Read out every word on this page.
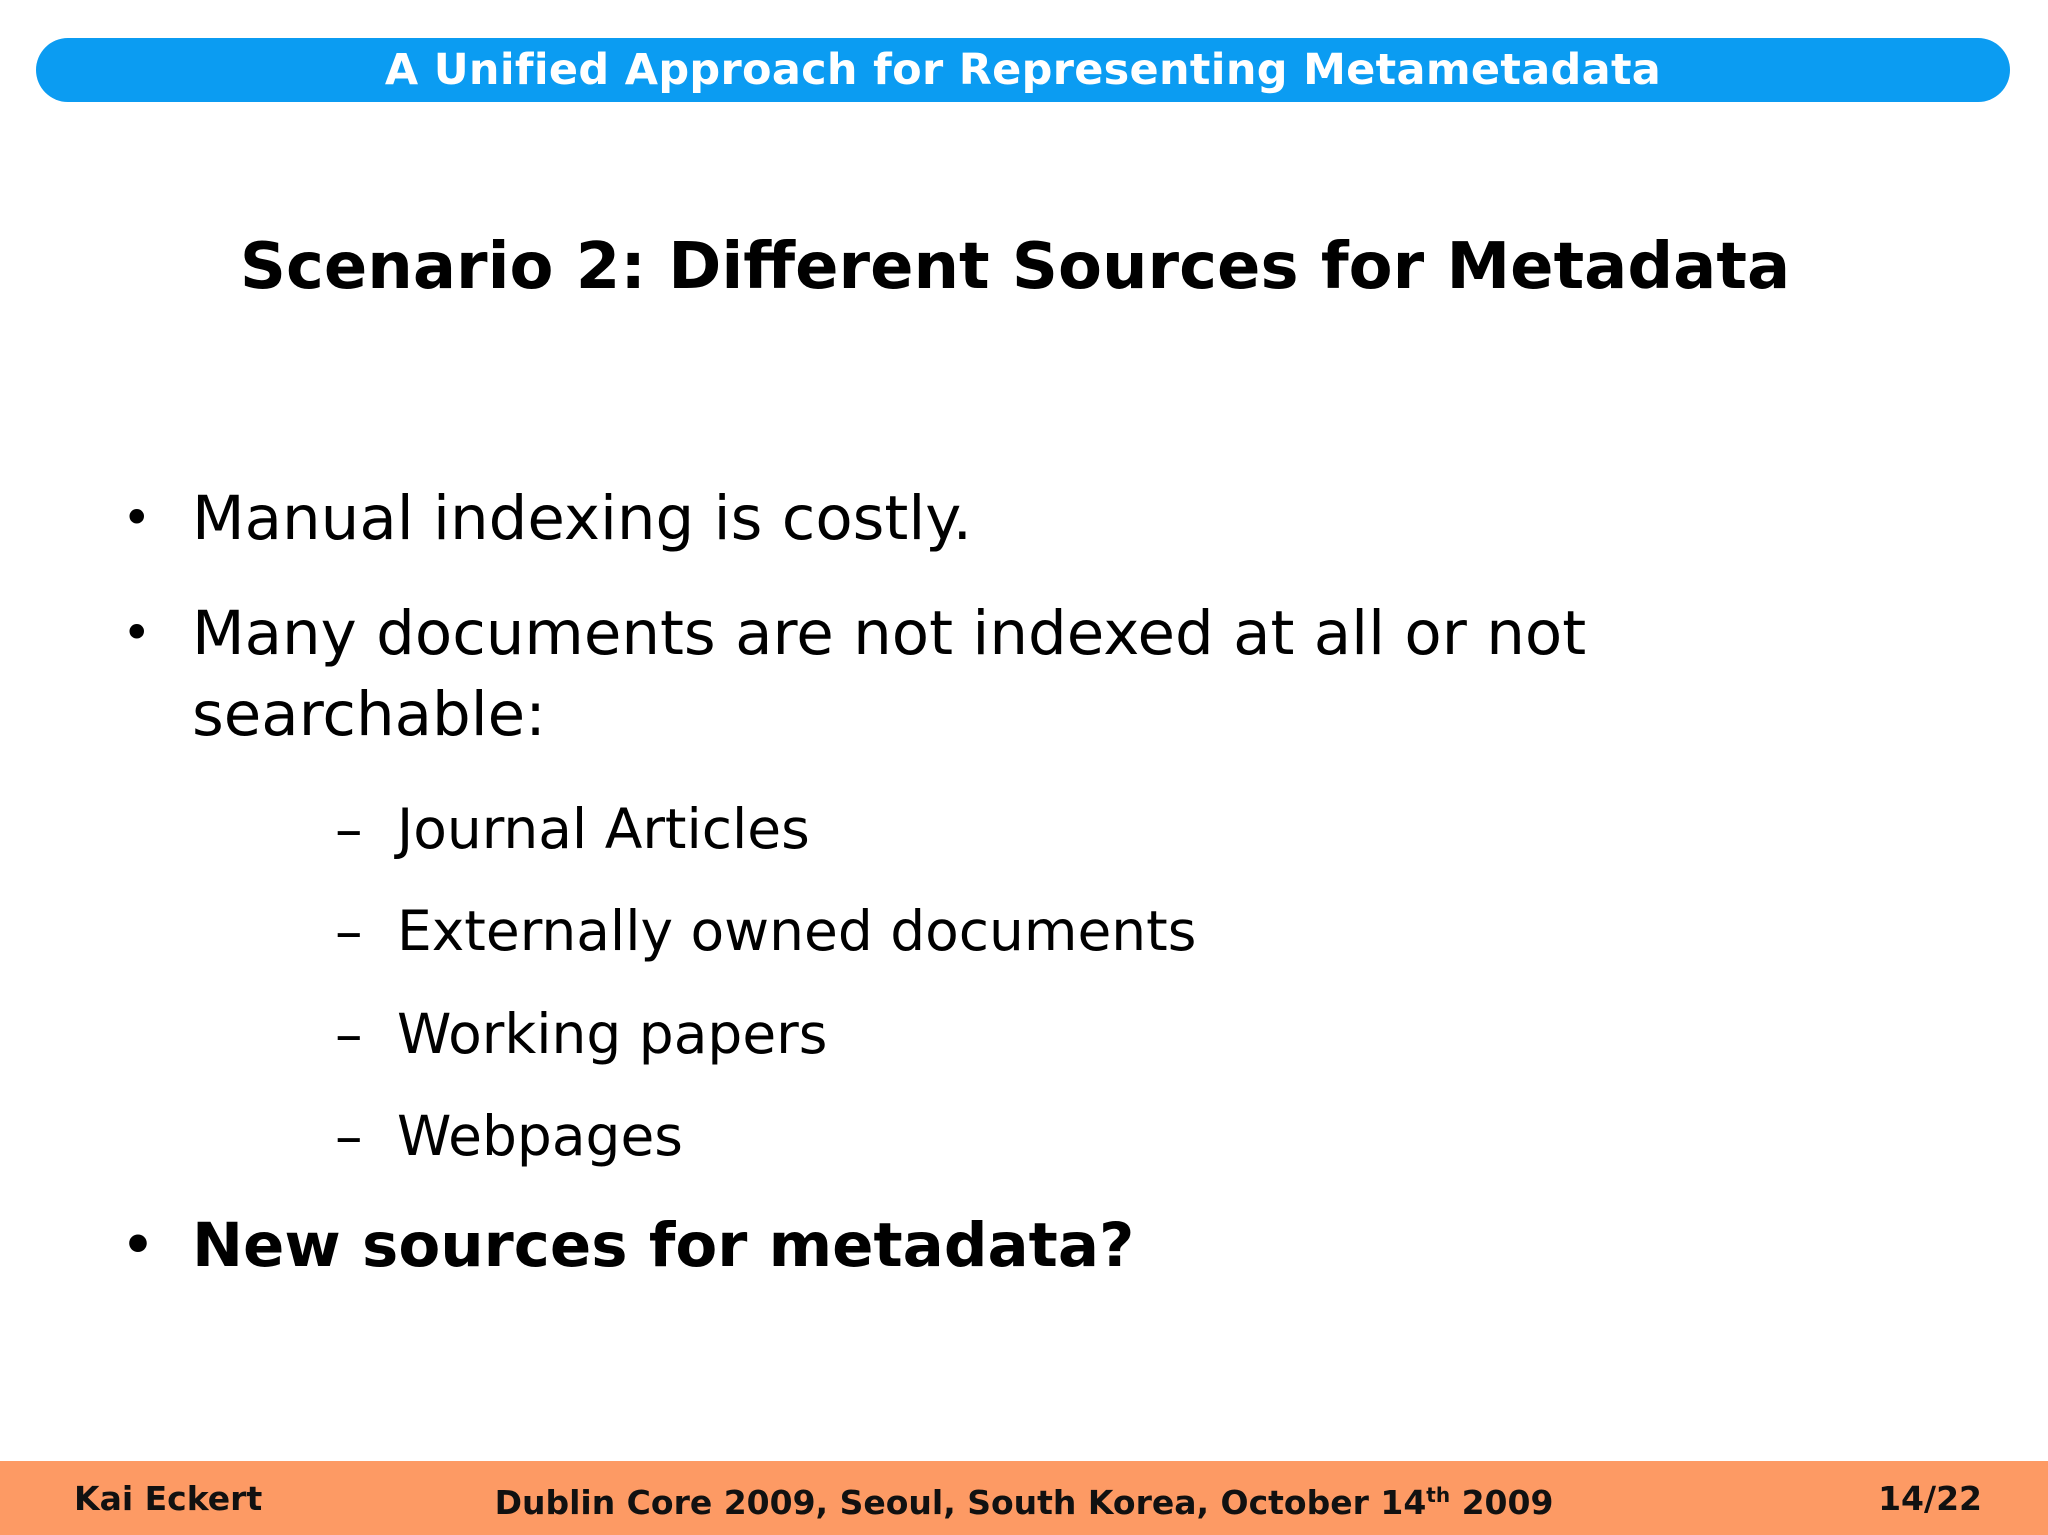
A Unified Approach for Representing Metametadata
Scenario 2: Different Sources for Metadata
• Manual indexing is costly.
• Many documents are not indexed at all or not
searchable:
– Journal Articles
– Externally owned documents
– Working papers
– Webpages
• New sources for metadata?
Kai Eckert	Dublin Core 2009, Seoul, South Korea, October 14th 2009	14/22
